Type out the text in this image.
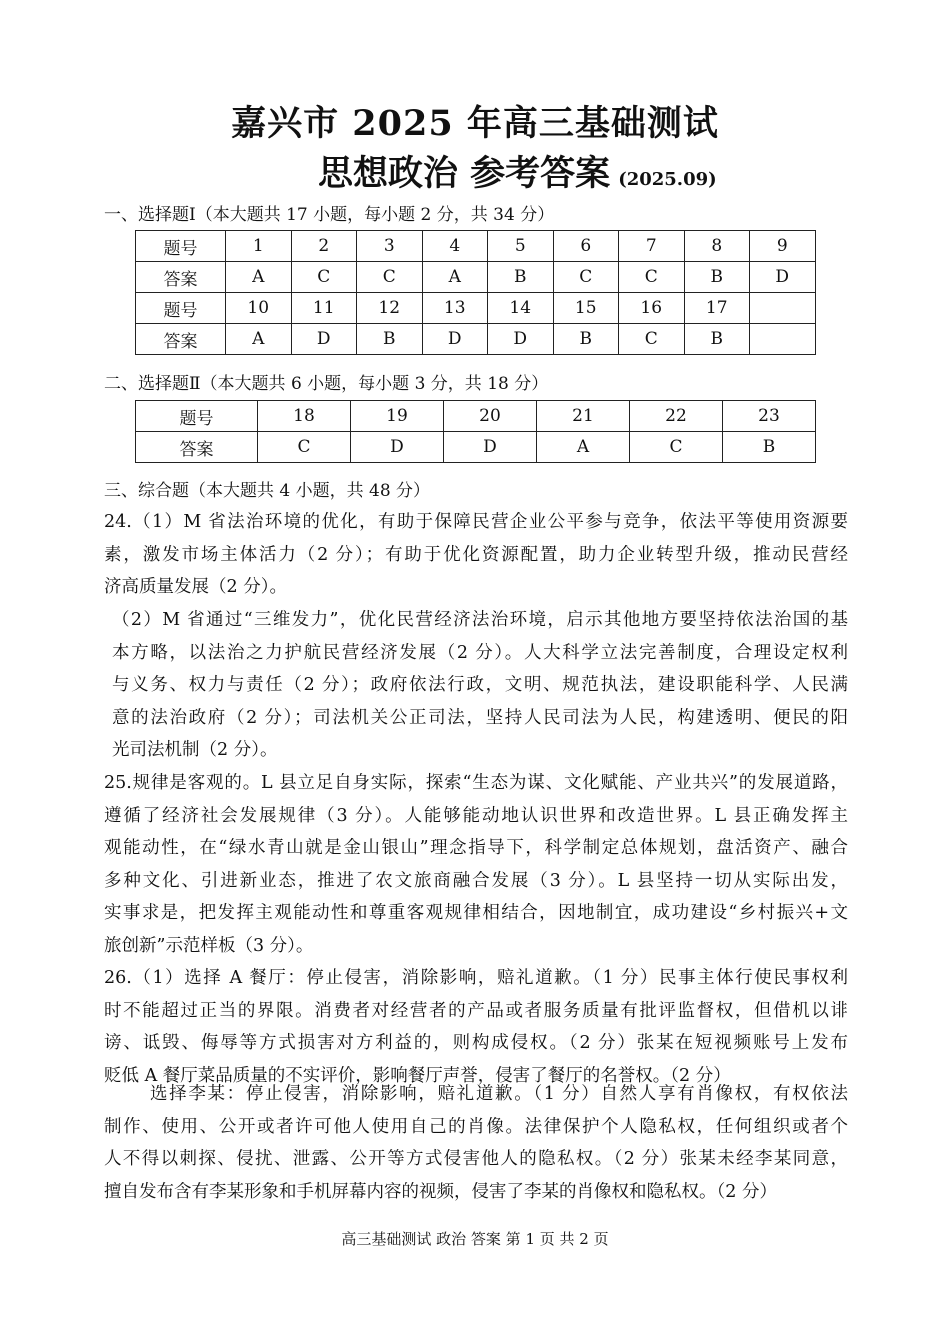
嘉兴市 2025 年高三基础测试
思想政治 参考答案 (2025.09)
一、选择题Ⅰ（本大题共 17 小题，每小题 2 分，共 34 分）
题号	1	2	3	4	5	6	7	8	9
答案	A	C	C	A	B	C	C	B	D
题号	10	11	12	13	14	15	16	17	
答案	A	D	B	D	D	B	C	B	
二、选择题Ⅱ（本大题共 6 小题，每小题 3 分，共 18 分）
题号	18	19	20	21	22	23
答案	C	D	D	A	C	B
三、综合题（本大题共 4 小题，共 48 分）
24.（1）M 省法治环境的优化，有助于保障民营企业公平参与竞争，依法平等使用资源要
素，激发市场主体活力（2 分）；有助于优化资源配置，助力企业转型升级，推动民营经
济高质量发展（2 分）。
（2）M 省通过“三维发力”，优化民营经济法治环境，启示其他地方要坚持依法治国的基
本方略，以法治之力护航民营经济发展（2 分）。人大科学立法完善制度，合理设定权利
与义务、权力与责任（2 分）；政府依法行政，文明、规范执法，建设职能科学、人民满
意的法治政府（2 分）；司法机关公正司法，坚持人民司法为人民，构建透明、便民的阳
光司法机制（2 分）。
25.规律是客观的。L 县立足自身实际，探索“生态为谋、文化赋能、产业共兴”的发展道路，
遵循了经济社会发展规律（3 分）。人能够能动地认识世界和改造世界。L 县正确发挥主
观能动性，在“绿水青山就是金山银山”理念指导下，科学制定总体规划，盘活资产、融合
多种文化、引进新业态，推进了农文旅商融合发展（3 分）。L 县坚持一切从实际出发，
实事求是，把发挥主观能动性和尊重客观规律相结合，因地制宜，成功建设“乡村振兴+文
旅创新”示范样板（3 分）。
26.（1）选择 A 餐厅：停止侵害，消除影响，赔礼道歉。（1 分）民事主体行使民事权利
时不能超过正当的界限。消费者对经营者的产品或者服务质量有批评监督权，但借机以诽
谤、诋毁、侮辱等方式损害对方利益的，则构成侵权。（2 分）张某在短视频账号上发布
贬低 A 餐厅菜品质量的不实评价，影响餐厅声誉，侵害了餐厅的名誉权。（2 分）
选择李某：停止侵害，消除影响，赔礼道歉。（1 分）自然人享有肖像权，有权依法
制作、使用、公开或者许可他人使用自己的肖像。法律保护个人隐私权，任何组织或者个
人不得以刺探、侵扰、泄露、公开等方式侵害他人的隐私权。（2 分）张某未经李某同意，
擅自发布含有李某形象和手机屏幕内容的视频，侵害了李某的肖像权和隐私权。（2 分）
高三基础测试 政治 答案 第 1 页 共 2 页
